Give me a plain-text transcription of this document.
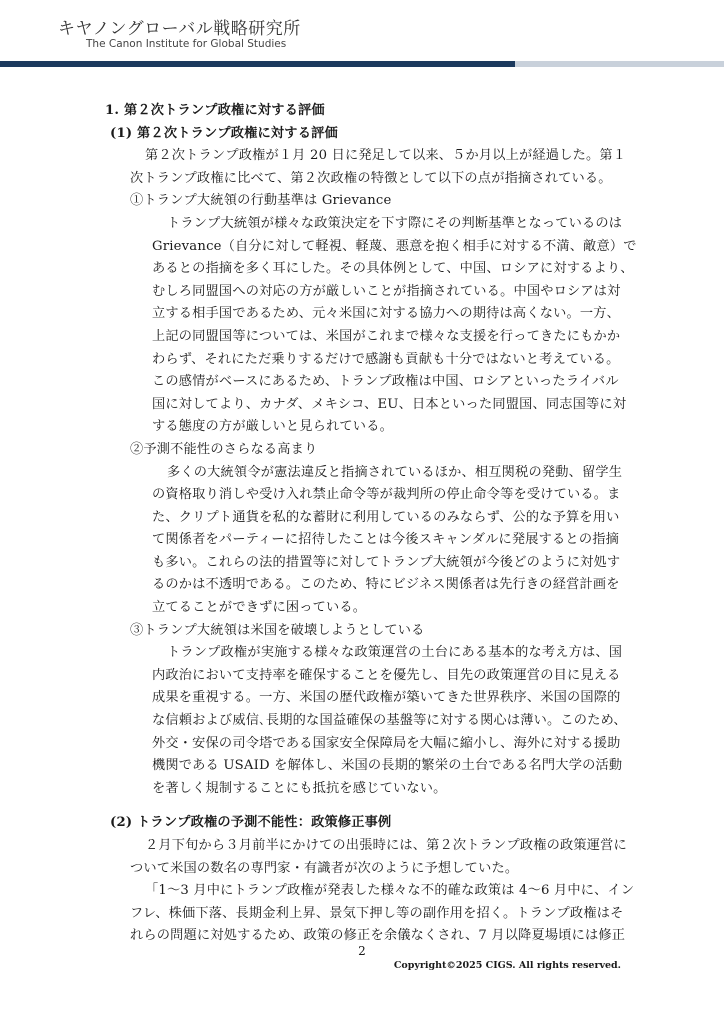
キヤノングローバル戦略研究所
The Canon Institute for Global Studies
1. 第２次トランプ政権に対する評価
(1) 第２次トランプ政権に対する評価
第２次トランプ政権が１月 20 日に発足して以来、５か月以上が経過した。第１
次トランプ政権に比べて、第２次政権の特徴として以下の点が指摘されている。
①トランプ大統領の行動基準は Grievance
トランプ大統領が様々な政策決定を下す際にその判断基準となっているのは
Grievance（自分に対して軽視、軽蔑、悪意を抱く相手に対する不満、敵意）で
あるとの指摘を多く耳にした。その具体例として、中国、ロシアに対するより、
むしろ同盟国への対応の方が厳しいことが指摘されている。中国やロシアは対
立する相手国であるため、元々米国に対する協力への期待は高くない。一方、
上記の同盟国等については、米国がこれまで様々な支援を行ってきたにもかか
わらず、それにただ乗りするだけで感謝も貢献も十分ではないと考えている。
この感情がベースにあるため、トランプ政権は中国、ロシアといったライバル
国に対してより、カナダ、メキシコ、EU、日本といった同盟国、同志国等に対
する態度の方が厳しいと見られている。
②予測不能性のさらなる高まり
多くの大統領令が憲法違反と指摘されているほか、相互関税の発動、留学生
の資格取り消しや受け入れ禁止命令等が裁判所の停止命令等を受けている。ま
た、クリプト通貨を私的な蓄財に利用しているのみならず、公的な予算を用い
て関係者をパーティーに招待したことは今後スキャンダルに発展するとの指摘
も多い。これらの法的措置等に対してトランプ大統領が今後どのように対処す
るのかは不透明である。このため、特にビジネス関係者は先行きの経営計画を
立てることができずに困っている。
③トランプ大統領は米国を破壊しようとしている
トランプ政権が実施する様々な政策運営の土台にある基本的な考え方は、国
内政治において支持率を確保することを優先し、目先の政策運営の目に見える
成果を重視する。一方、米国の歴代政権が築いてきた世界秩序、米国の国際的
な信頼および威信､長期的な国益確保の基盤等に対する関心は薄い。このため、
外交・安保の司令塔である国家安全保障局を大幅に縮小し、海外に対する援助
機関である USAID を解体し、米国の長期的繁栄の土台である名門大学の活動
を著しく規制することにも抵抗を感じていない。
(2) トランプ政権の予測不能性：政策修正事例
２月下旬から３月前半にかけての出張時には、第２次トランプ政権の政策運営に
ついて米国の数名の専門家・有識者が次のように予想していた。
「1～3 月中にトランプ政権が発表した様々な不的確な政策は 4～6 月中に、イン
フレ、株価下落、長期金利上昇、景気下押し等の副作用を招く。トランプ政権はそ
れらの問題に対処するため、政策の修正を余儀なくされ、7 月以降夏場頃には修正
2
Copyright©2025 CIGS. All rights reserved.
